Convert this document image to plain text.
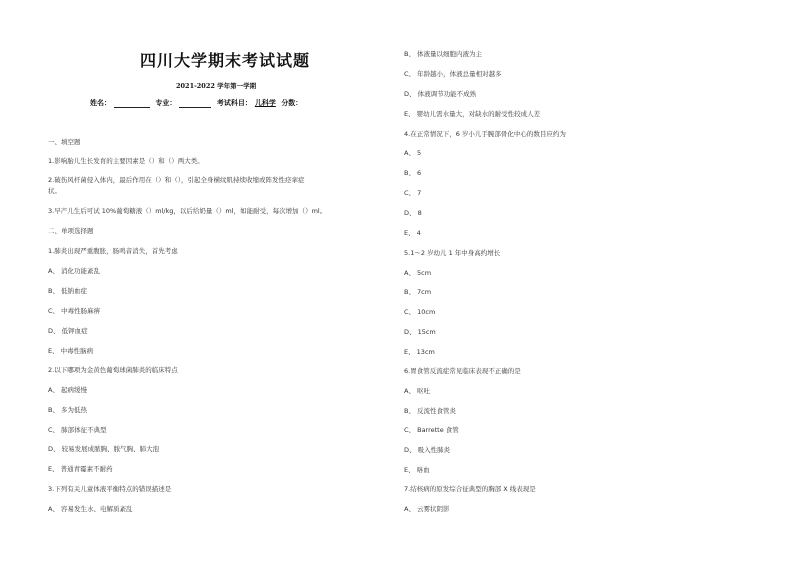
四川大学期末考试试题
2021-2022 学年第一学期
姓名：	专业：	考试科目： 儿科学 分数：
一、填空题
1.影响胎儿生长发育的主要因素是（）和（）两大类。
2.破伤风杆菌侵入体内，最后作用在（）和（），引起全身横纹肌持续收缩或阵发性痉挛症
状。
3.早产儿生后可试 10%葡萄糖液（）ml/kg，以后给奶量（）ml，如能耐受，每次增加（）ml。
二、单项选择题
1.肺炎出现严重腹胀，肠鸣音消失，首先考虑
A、 消化功能紊乱
B、 低钠血症
C、 中毒性肠麻痹
D、 低钾血症
E、 中毒性脑病
2.以下哪项为金黄色葡萄球菌肺炎的临床特点
A、 起病缓慢
B、 多为低热
C、 肺部体征不典型
D、 较易发展成脓胸、脓气胸、肺大泡
E、 普通青霉素不耐药
3.下列有关儿童体液平衡特点的错误描述是
A、 容易发生水、电解质紊乱
B、 体液量以细胞内液为主
C、 年龄越小，体液总量相对越多
D、 体液调节功能不成熟
E、 婴幼儿需水量大，对缺水的耐受性较成人差
4.在正常情况下，6 岁小儿手腕部骨化中心的数目应约为
A、 5
B、 6
C、 7
D、 8
E、 4
5.1～2 岁幼儿 1 年中身高约增长
A、 5cm
B、 7cm
C、 10cm
D、 15cm
E、 13cm
6.胃食管反流症常见临床表现不正确的是
A、 呕吐
B、 反流性食管炎
C、 Barrette 食管
D、 吸入性肺炎
E、 咯血
7.结核病的原发综合征典型的胸部 X 线表现是
A、 云雾状阴影
